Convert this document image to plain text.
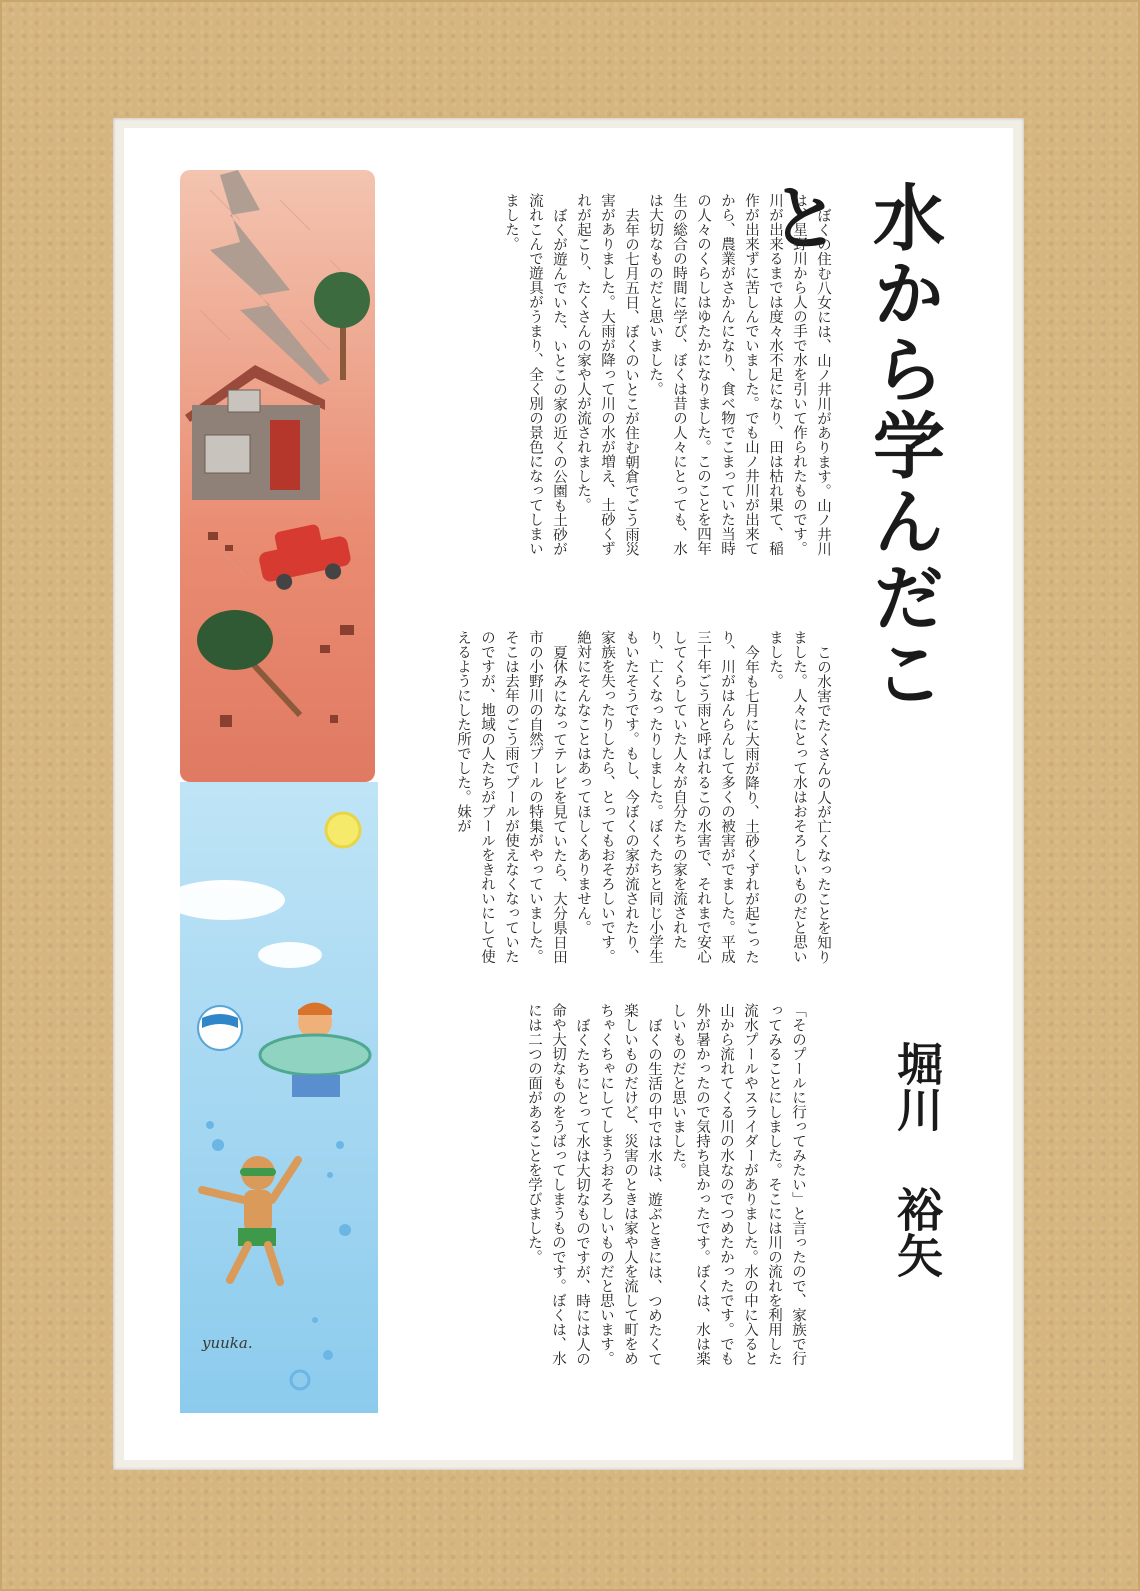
水から学んだこと
堀川裕矢

ぼくの住む八女には、山ノ井川があります。山ノ井川は、星野川から人の手で水を引いて作られたものです。川が出来るまでは度々水不足になり、田は枯れ果て、稲作が出来ずに苦しんでいました。でも山ノ井川が出来てから、農業がさかんになり、食べ物でこまっていた当時の人々のくらしはゆたかになりました。このことを四年生の総合の時間に学び、ぼくは昔の人々にとっても、水は大切なものだと思いました。

去年の七月五日、ぼくのいとこが住む朝倉でごう雨災害がありました。大雨が降って川の水が増え、土砂くずれが起こり、たくさんの家や人が流されました。

ぼくが遊んでいた、いとこの家の近くの公園も土砂が流れこんで遊具がうまり、全く別の景色になってしまいました。

この水害でたくさんの人が亡くなったことを知りました。人々にとって水はおそろしいものだと思いました。

今年も七月に大雨が降り、土砂くずれが起こったり、川がはんらんして多くの被害がでました。平成三十年ごう雨と呼ばれるこの水害で、それまで安心してくらしていた人々が自分たちの家を流されたり、亡くなったりしました。ぼくたちと同じ小学生もいたそうです。もし、今ぼくの家が流されたり、家族を失ったりしたら、とってもおそろしいです。絶対にそんなことはあってほしくありません。

夏休みになってテレビを見ていたら、大分県日田市の小野川の自然プールの特集がやっていました。そこは去年のごう雨でプールが使えなくなっていたのですが、地域の人たちがプールをきれいにして使えるようにした所でした。妹が

「そのプールに行ってみたい」と言ったので、家族で行ってみることにしました。そこには川の流れを利用した流水プールやスライダーがありました。水の中に入ると山から流れてくる川の水なのでつめたかったです。でも外が暑かったので気持ち良かったです。ぼくは、水は楽しいものだと思いました。

ぼくの生活の中では水は、遊ぶときには、つめたくて楽しいものだけど、災害のときは家や人を流して町をめちゃくちゃにしてしまうおそろしいものだと思います。

ぼくたちにとって水は大切なものですが、時には人の命や大切なものをうばってしまうものです。ぼくは、水には二つの面があることを学びました。

yuuka.
